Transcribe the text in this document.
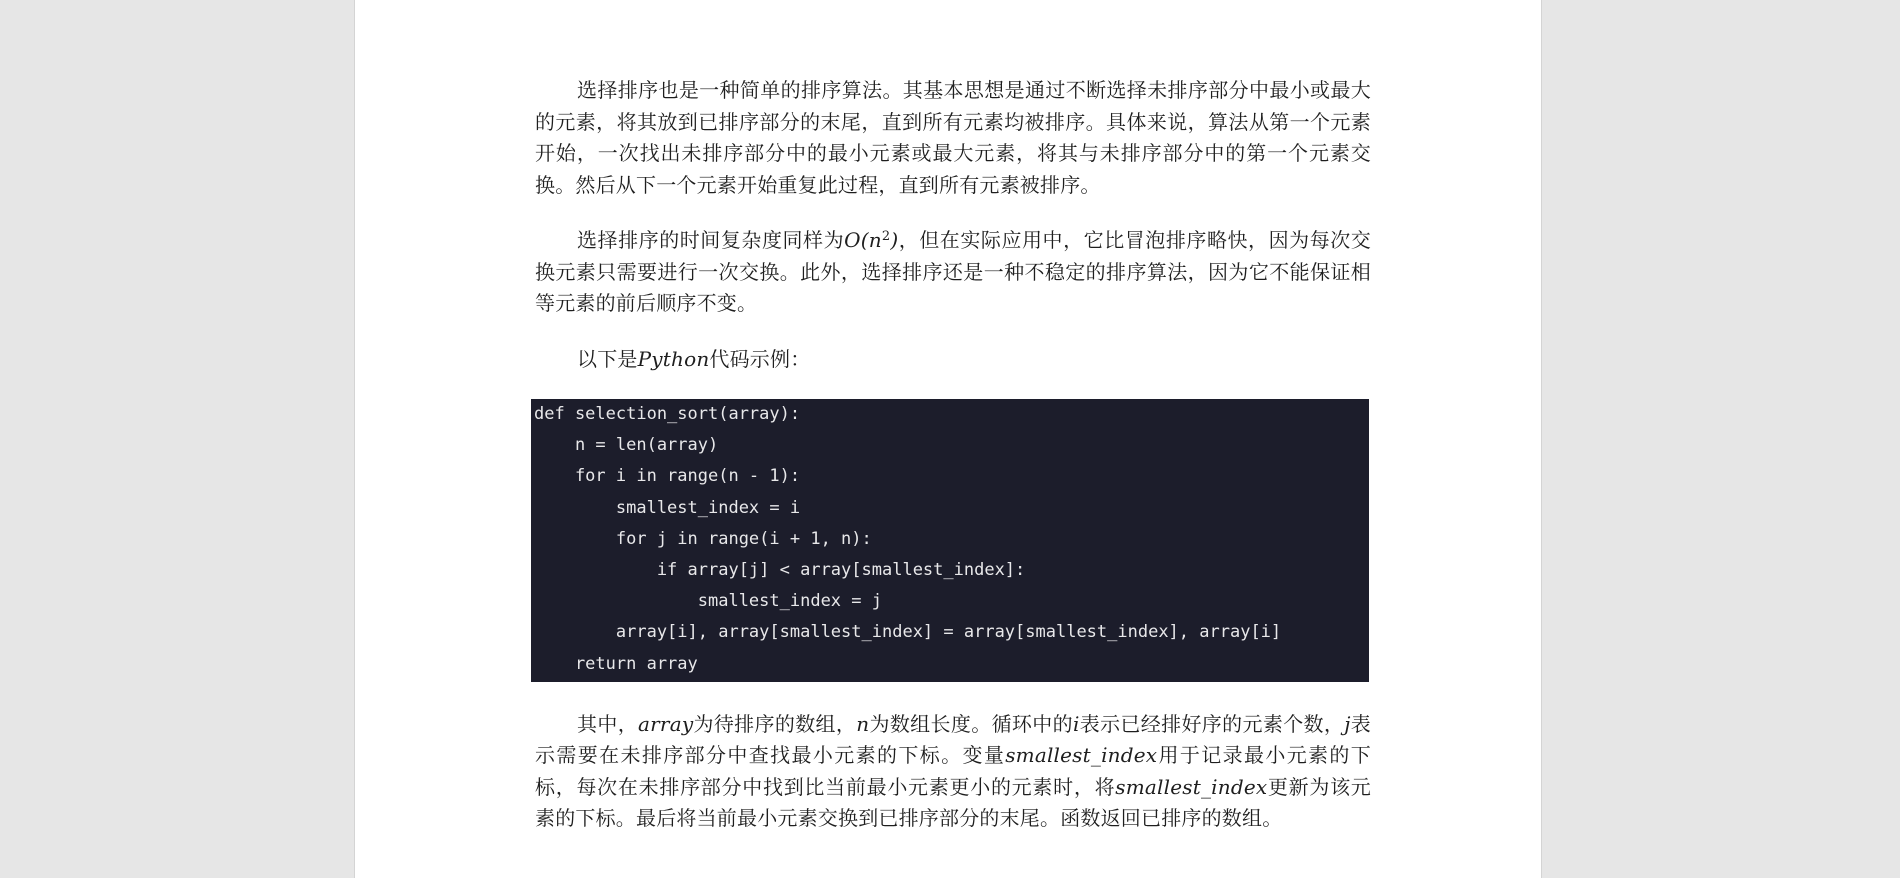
选择排序也是一种简单的排序算法。其基本思想是通过不断选择未排序部分中最小或最大的元素，将其放到已排序部分的末尾，直到所有元素均被排序。具体来说，算法从第一个元素开始，一次找出未排序部分中的最小元素或最大元素，将其与未排序部分中的第一个元素交换。然后从下一个元素开始重复此过程，直到所有元素被排序。

选择排序的时间复杂度同样为$O(n^2)$，但在实际应用中，它比冒泡排序略快，因为每次交换元素只需要进行一次交换。此外，选择排序还是一种不稳定的排序算法，因为它不能保证相等元素的前后顺序不变。

以下是Python代码示例：

def selection_sort(array):
n = len(array)
for i in range(n - 1):
smallest_index = i
for j in range(i + 1, n):
if array[j] < array[smallest_index]:
smallest_index = j
array[i], array[smallest_index] = array[smallest_index], array[i]
return array

其中，array为待排序的数组，n为数组长度。循环中的i表示已经排好序的元素个数，j表示需要在未排序部分中查找最小元素的下标。变量smallest_index用于记录最小元素的下标，每次在未排序部分中找到比当前最小元素更小的元素时，将smallest_index更新为该元素的下标。最后将当前最小元素交换到已排序部分的末尾。函数返回已排序的数组。
